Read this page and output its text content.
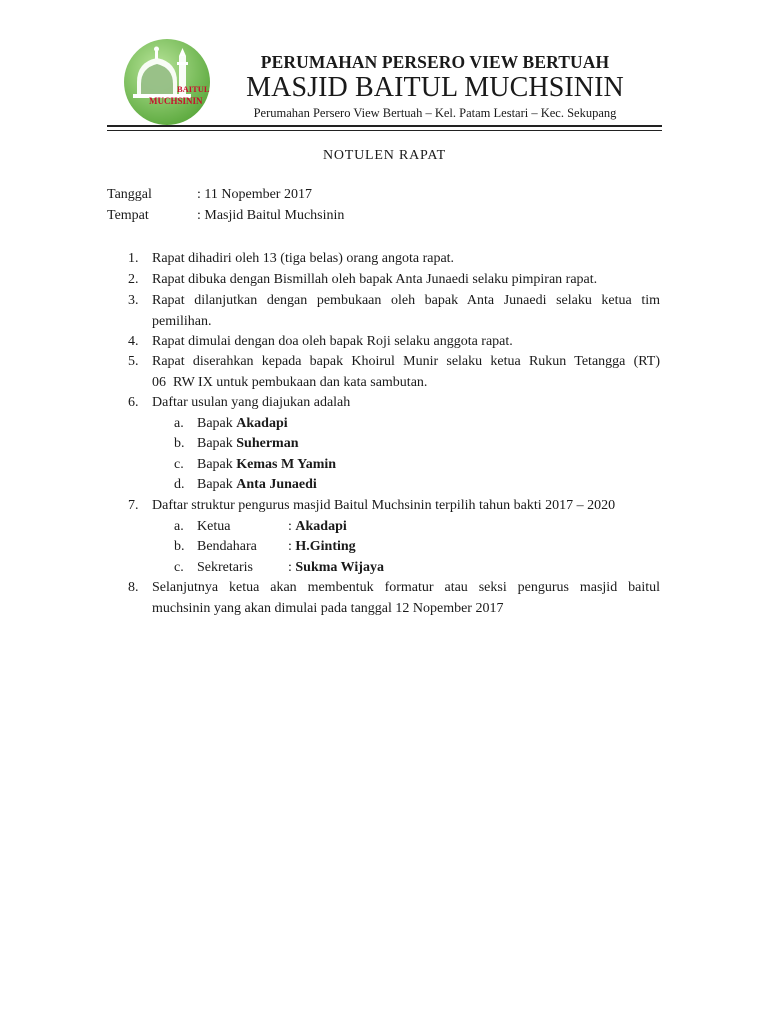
BAITUL
MUCHSININ
PERUMAHAN PERSERO VIEW BERTUAH
MASJID BAITUL MUCHSININ
Perumahan Persero View Bertuah – Kel. Patam Lestari – Kec. Sekupang
NOTULEN RAPAT
Tanggal	: 11 Nopember 2017
Tempat	: Masjid Baitul Muchsinin
1. Rapat dihadiri oleh 13 (tiga belas) orang angota rapat.
2. Rapat dibuka dengan Bismillah oleh bapak Anta Junaedi selaku pimpiran rapat.
3. Rapat dilanjutkan dengan pembukaan oleh bapak Anta Junaedi selaku ketua tim
pemilihan.
4. Rapat dimulai dengan doa oleh bapak Roji selaku anggota rapat.
5. Rapat diserahkan kepada bapak Khoirul Munir selaku ketua Rukun Tetangga (RT)
06  RW IX untuk pembukaan dan kata sambutan.
6. Daftar usulan yang diajukan adalah
a. Bapak Akadapi
b. Bapak Suherman
c. Bapak Kemas M Yamin
d. Bapak Anta Junaedi
7. Daftar struktur pengurus masjid Baitul Muchsinin terpilih tahun bakti 2017 – 2020
a. Ketua	: Akadapi
b. Bendahara : H.Ginting
c. Sekretaris	: Sukma Wijaya
8. Selanjutnya ketua akan membentuk formatur atau seksi pengurus masjid baitul
muchsinin yang akan dimulai pada tanggal 12 Nopember 2017
